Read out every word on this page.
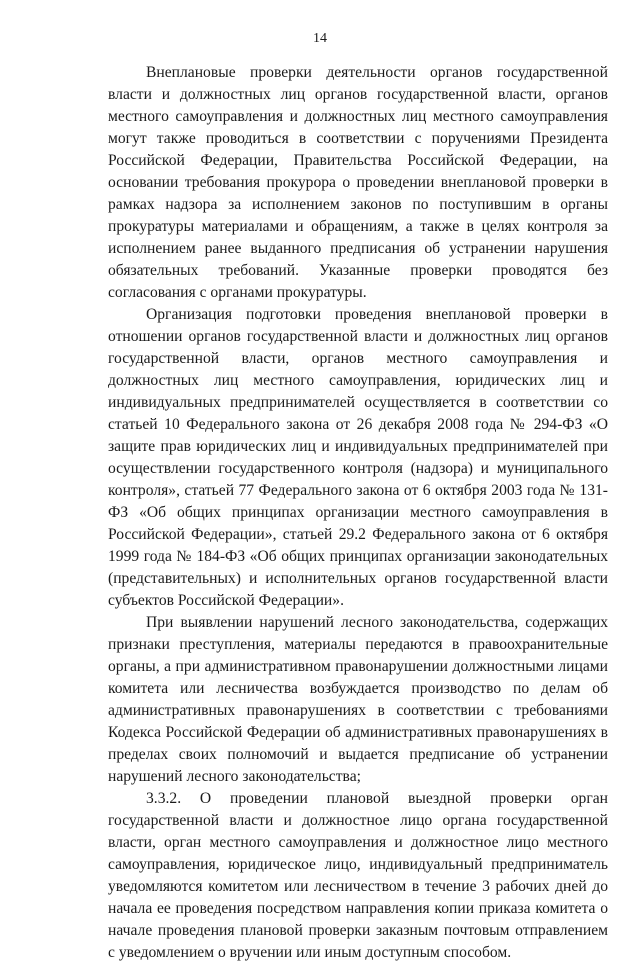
14

Внеплановые проверки деятельности органов государственной власти и должностных лиц органов государственной власти, органов местного самоуправления и должностных лиц местного самоуправления могут также проводиться в соответствии с поручениями Президента Российской Федерации, Правительства Российской Федерации, на основании требования прокурора о проведении внеплановой проверки в рамках надзора за исполнением законов по поступившим в органы прокуратуры материалами и обращениям, а также в целях контроля за исполнением ранее выданного предписания об устранении нарушения обязательных требований. Указанные проверки проводятся без согласования с органами прокуратуры.

Организация подготовки проведения внеплановой проверки в отношении органов государственной власти и должностных лиц органов государственной власти, органов местного самоуправления и должностных лиц местного самоуправления, юридических лиц и индивидуальных предпринимателей осуществляется в соответствии со статьей 10 Федерального закона от 26 декабря 2008 года № 294-ФЗ «О защите прав юридических лиц и индивидуальных предпринимателей при осуществлении государственного контроля (надзора) и муниципального контроля», статьей 77 Федерального закона от 6 октября 2003 года № 131-ФЗ «Об общих принципах организации местного самоуправления в Российской Федерации», статьей 29.2 Федерального закона от 6 октября 1999 года № 184-ФЗ «Об общих принципах организации законодательных (представительных) и исполнительных органов государственной власти субъектов Российской Федерации».

При выявлении нарушений лесного законодательства, содержащих признаки преступления, материалы передаются в правоохранительные органы, а при административном правонарушении должностными лицами комитета или лесничества возбуждается производство по делам об административных правонарушениях в соответствии с требованиями Кодекса Российской Федерации об административных правонарушениях в пределах своих полномочий и выдается предписание об устранении нарушений лесного законодательства;

3.3.2. О проведении плановой выездной проверки орган государственной власти и должностное лицо органа государственной власти, орган местного самоуправления и должностное лицо местного самоуправления, юридическое лицо, индивидуальный предприниматель уведомляются комитетом или лесничеством в течение 3 рабочих дней до начала ее проведения посредством направления копии приказа комитета о начале проведения плановой проверки заказным почтовым отправлением с уведомлением о вручении или иным доступным способом.
